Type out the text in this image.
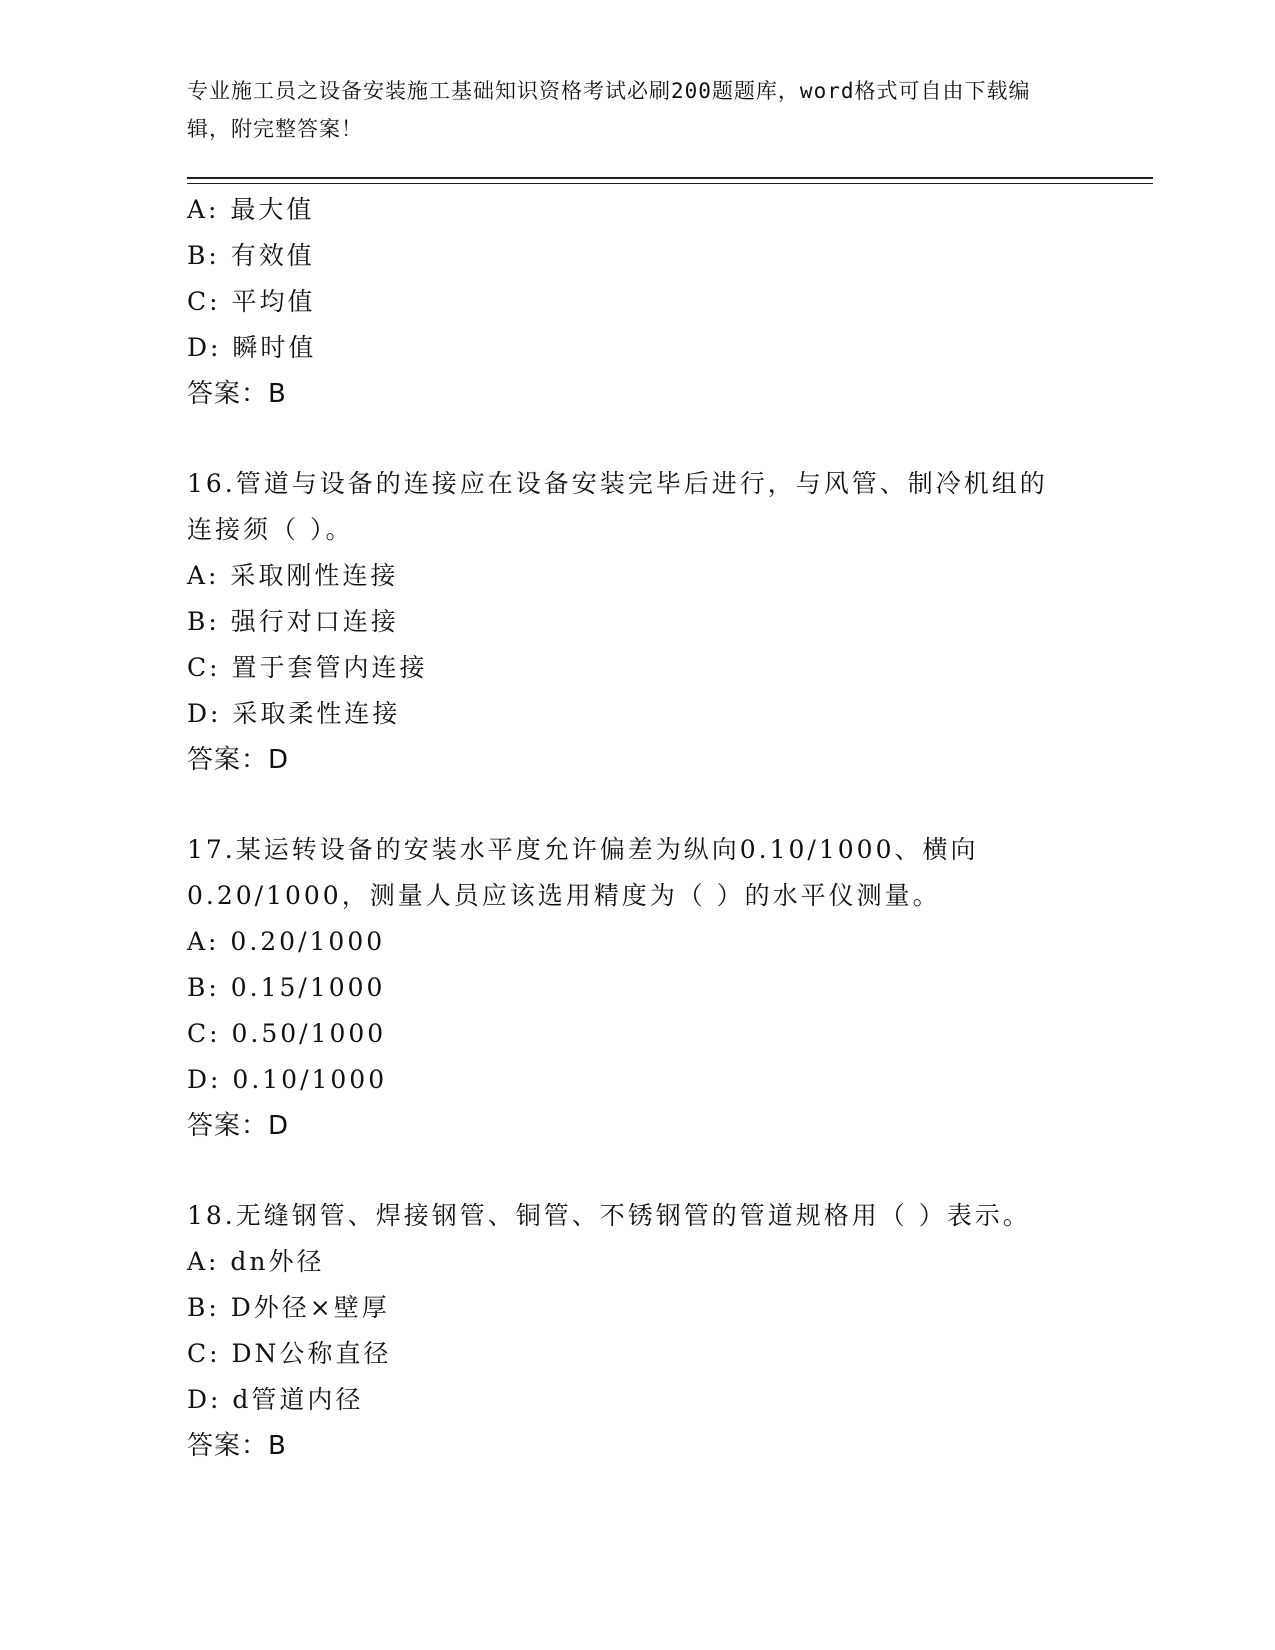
专业施工员之设备安装施工基础知识资格考试必刷200题题库，word格式可自由下载编辑，附完整答案！

A: 最大值
B: 有效值
C: 平均值
D: 瞬时值
答案：B
16.管道与设备的连接应在设备安装完毕后进行，与风管、制冷机组的
连接须（ ）。
A: 采取刚性连接
B: 强行对口连接
C: 置于套管内连接
D: 采取柔性连接
答案：D
17.某运转设备的安装水平度允许偏差为纵向0.10/1000、横向
0.20/1000，测量人员应该选用精度为（ ）的水平仪测量。
A: 0.20/1000
B: 0.15/1000
C: 0.50/1000
D: 0.10/1000
答案：D
18.无缝钢管、焊接钢管、铜管、不锈钢管的管道规格用（ ）表示。
A: dn外径
B: D外径×壁厚
C: DN公称直径
D: d管道内径
答案：B
